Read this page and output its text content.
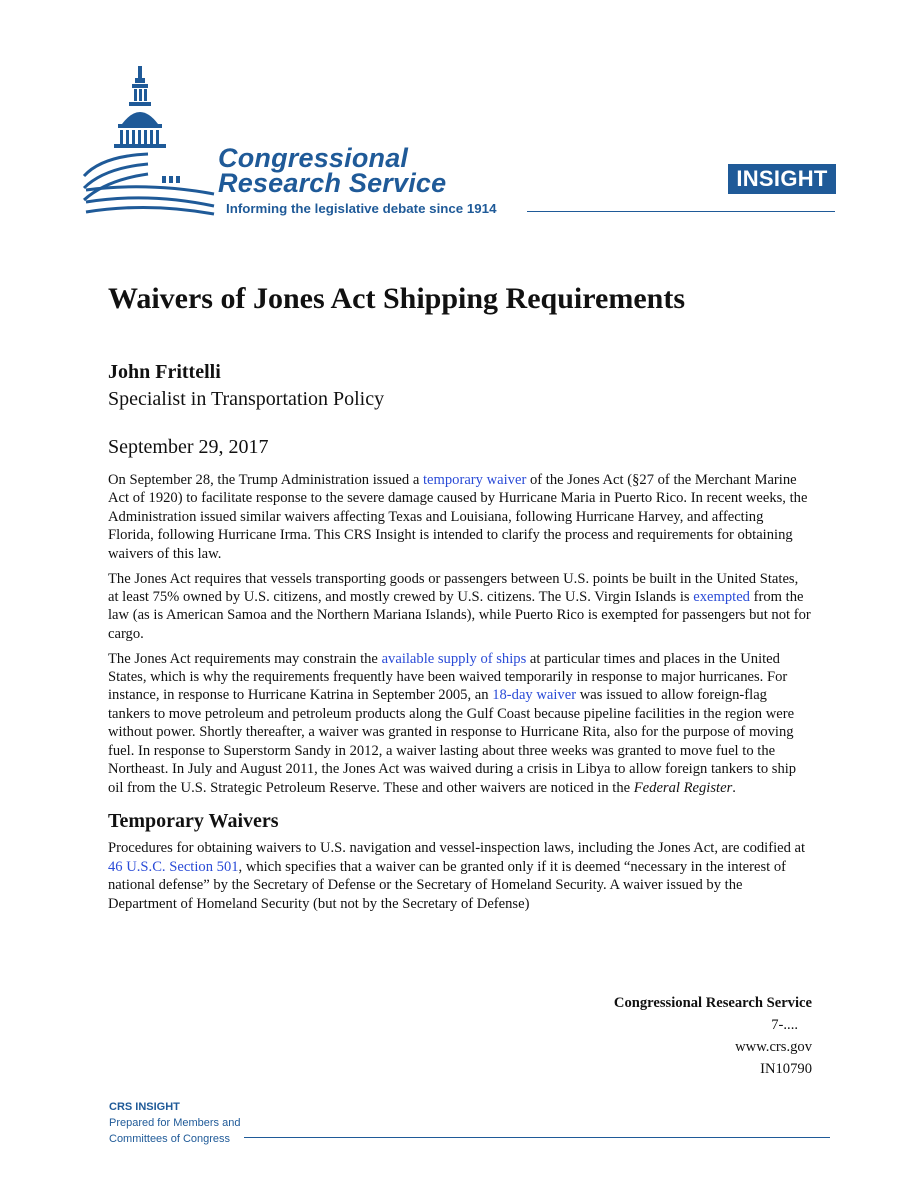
Congressional
Research Service
Informing the legislative debate since 1914
INSIGHT
Waivers of Jones Act Shipping Requirements
John Frittelli
Specialist in Transportation Policy
September 29, 2017

On September 28, the Trump Administration issued a temporary waiver of the Jones Act (§27 of the Merchant Marine Act of 1920) to facilitate response to the severe damage caused by Hurricane Maria in Puerto Rico. In recent weeks, the Administration issued similar waivers affecting Texas and Louisiana, following Hurricane Harvey, and affecting Florida, following Hurricane Irma. This CRS Insight is intended to clarify the process and requirements for obtaining waivers of this law.

The Jones Act requires that vessels transporting goods or passengers between U.S. points be built in the United States, at least 75% owned by U.S. citizens, and mostly crewed by U.S. citizens. The U.S. Virgin Islands is exempted from the law (as is American Samoa and the Northern Mariana Islands), while Puerto Rico is exempted for passengers but not for cargo.

The Jones Act requirements may constrain the available supply of ships at particular times and places in the United States, which is why the requirements frequently have been waived temporarily in response to major hurricanes. For instance, in response to Hurricane Katrina in September 2005, an 18-day waiver was issued to allow foreign-flag tankers to move petroleum and petroleum products along the Gulf Coast because pipeline facilities in the region were without power. Shortly thereafter, a waiver was granted in response to Hurricane Rita, also for the purpose of moving fuel. In response to Superstorm Sandy in 2012, a waiver lasting about three weeks was granted to move fuel to the Northeast. In July and August 2011, the Jones Act was waived during a crisis in Libya to allow foreign tankers to ship oil from the U.S. Strategic Petroleum Reserve. These and other waivers are noticed in the Federal Register.

Temporary Waivers

Procedures for obtaining waivers to U.S. navigation and vessel-inspection laws, including the Jones Act, are codified at 46 U.S.C. Section 501, which specifies that a waiver can be granted only if it is deemed “necessary in the interest of national defense” by the Secretary of Defense or the Secretary of Homeland Security. A waiver issued by the Department of Homeland Security (but not by the Secretary of Defense)

Congressional Research Service
7-....
www.crs.gov
IN10790
CRS INSIGHT
Prepared for Members and
Committees of Congress
